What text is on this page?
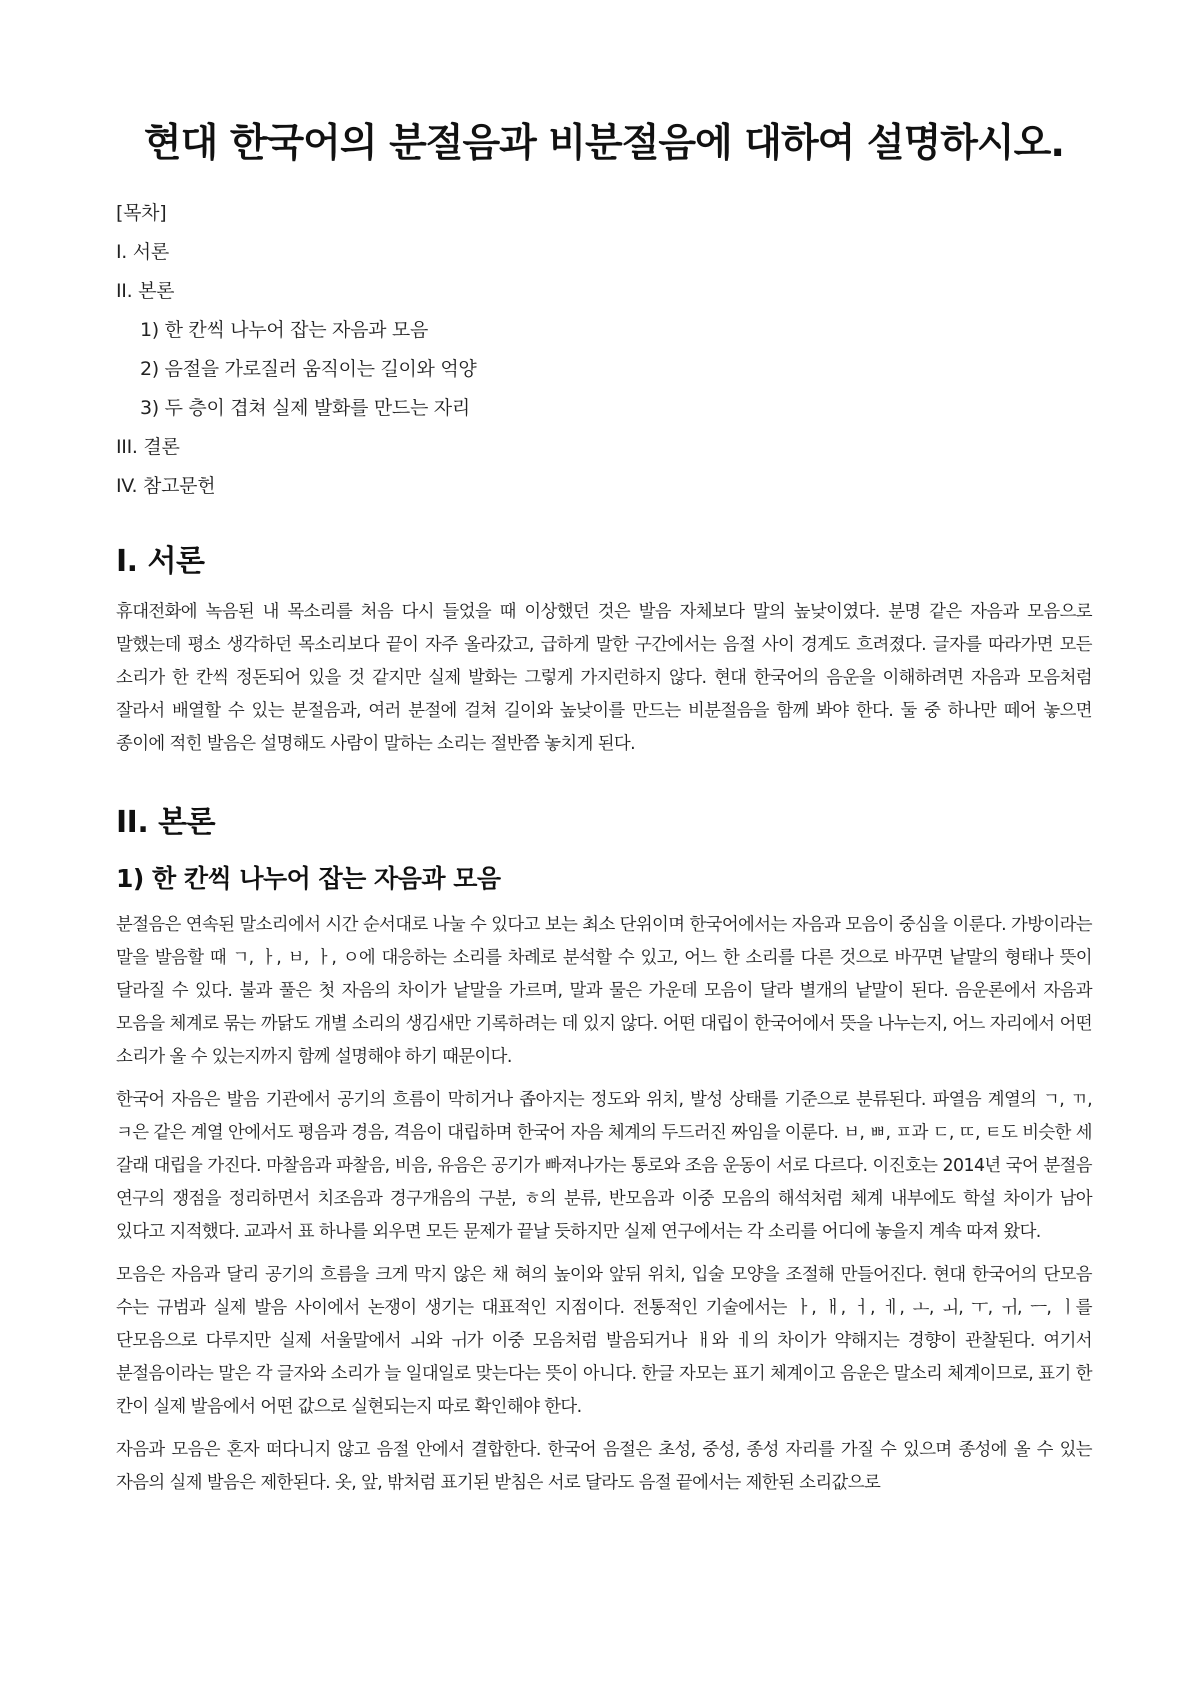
현대 한국어의 분절음과 비분절음에 대하여 설명하시오.
[목차]
I. 서론
II. 본론
1) 한 칸씩 나누어 잡는 자음과 모음
2) 음절을 가로질러 움직이는 길이와 억양
3) 두 층이 겹쳐 실제 발화를 만드는 자리
III. 결론
IV. 참고문헌
I. 서론

휴대전화에 녹음된 내 목소리를 처음 다시 들었을 때 이상했던 것은 발음 자체보다 말의 높낮이였다. 분명 같은 자음과 모음으로 말했는데 평소 생각하던 목소리보다 끝이 자주 올라갔고, 급하게 말한 구간에서는 음절 사이 경계도 흐려졌다. 글자를 따라가면 모든 소리가 한 칸씩 정돈되어 있을 것 같지만 실제 발화는 그렇게 가지런하지 않다. 현대 한국어의 음운을 이해하려면 자음과 모음처럼 잘라서 배열할 수 있는 분절음과, 여러 분절에 걸쳐 길이와 높낮이를 만드는 비분절음을 함께 봐야 한다. 둘 중 하나만 떼어 놓으면 종이에 적힌 발음은 설명해도 사람이 말하는 소리는 절반쯤 놓치게 된다.

II. 본론
1) 한 칸씩 나누어 잡는 자음과 모음

분절음은 연속된 말소리에서 시간 순서대로 나눌 수 있다고 보는 최소 단위이며 한국어에서는 자음과 모음이 중심을 이룬다. 가방이라는 말을 발음할 때 ㄱ, ㅏ, ㅂ, ㅏ, ㅇ에 대응하는 소리를 차례로 분석할 수 있고, 어느 한 소리를 다른 것으로 바꾸면 낱말의 형태나 뜻이 달라질 수 있다. 불과 풀은 첫 자음의 차이가 낱말을 가르며, 말과 물은 가운데 모음이 달라 별개의 낱말이 된다. 음운론에서 자음과 모음을 체계로 묶는 까닭도 개별 소리의 생김새만 기록하려는 데 있지 않다. 어떤 대립이 한국어에서 뜻을 나누는지, 어느 자리에서 어떤 소리가 올 수 있는지까지 함께 설명해야 하기 때문이다.

한국어 자음은 발음 기관에서 공기의 흐름이 막히거나 좁아지는 정도와 위치, 발성 상태를 기준으로 분류된다. 파열음 계열의 ㄱ, ㄲ, ㅋ은 같은 계열 안에서도 평음과 경음, 격음이 대립하며 한국어 자음 체계의 두드러진 짜임을 이룬다. ㅂ, ㅃ, ㅍ과 ㄷ, ㄸ, ㅌ도 비슷한 세 갈래 대립을 가진다. 마찰음과 파찰음, 비음, 유음은 공기가 빠져나가는 통로와 조음 운동이 서로 다르다. 이진호는 2014년 국어 분절음 연구의 쟁점을 정리하면서 치조음과 경구개음의 구분, ㅎ의 분류, 반모음과 이중 모음의 해석처럼 체계 내부에도 학설 차이가 남아 있다고 지적했다. 교과서 표 하나를 외우면 모든 문제가 끝날 듯하지만 실제 연구에서는 각 소리를 어디에 놓을지 계속 따져 왔다.

모음은 자음과 달리 공기의 흐름을 크게 막지 않은 채 혀의 높이와 앞뒤 위치, 입술 모양을 조절해 만들어진다. 현대 한국어의 단모음 수는 규범과 실제 발음 사이에서 논쟁이 생기는 대표적인 지점이다. 전통적인 기술에서는 ㅏ, ㅐ, ㅓ, ㅔ, ㅗ, ㅚ, ㅜ, ㅟ, ㅡ, ㅣ를 단모음으로 다루지만 실제 서울말에서 ㅚ와 ㅟ가 이중 모음처럼 발음되거나 ㅐ와 ㅔ의 차이가 약해지는 경향이 관찰된다. 여기서 분절음이라는 말은 각 글자와 소리가 늘 일대일로 맞는다는 뜻이 아니다. 한글 자모는 표기 체계이고 음운은 말소리 체계이므로, 표기 한 칸이 실제 발음에서 어떤 값으로 실현되는지 따로 확인해야 한다.

자음과 모음은 혼자 떠다니지 않고 음절 안에서 결합한다. 한국어 음절은 초성, 중성, 종성 자리를 가질 수 있으며 종성에 올 수 있는 자음의 실제 발음은 제한된다. 옷, 앞, 밖처럼 표기된 받침은 서로 달라도 음절 끝에서는 제한된 소리값으로
